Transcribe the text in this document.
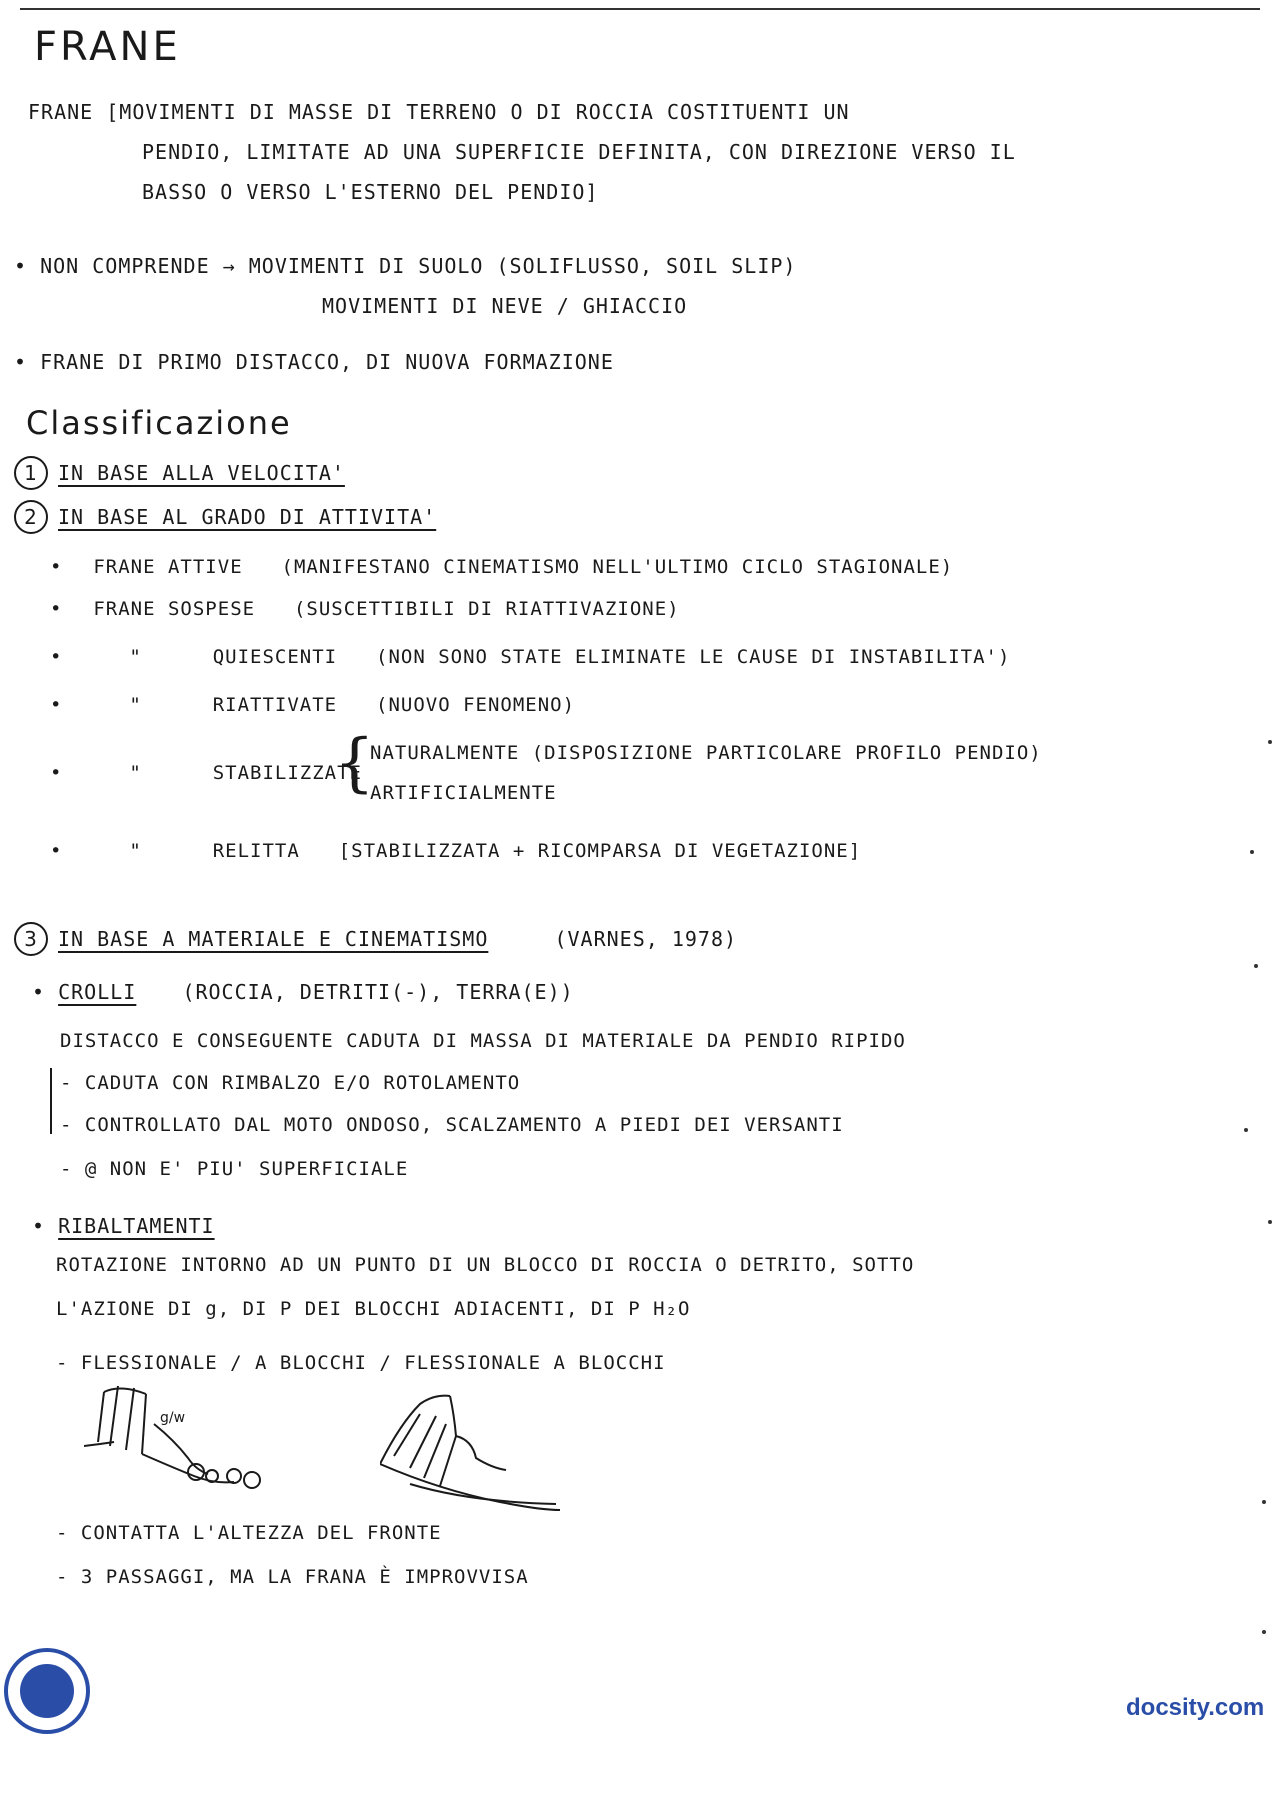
FRANE
FRANE [MOVIMENTI DI MASSE DI TERRENO O DI ROCCIA COSTITUENTI UN
PENDIO, LIMITATE AD UNA SUPERFICIE DEFINITA, CON DIREZIONE VERSO IL
BASSO O VERSO L'ESTERNO DEL PENDIO]
• NON COMPRENDE → MOVIMENTI DI SUOLO (SOLIFLUSSO, SOIL SLIP)
MOVIMENTI DI NEVE / GHIACCIO
• FRANE DI PRIMO DISTACCO, DI NUOVA FORMAZIONE
Classificazione
1 IN BASE ALLA VELOCITA'
2 IN BASE AL GRADO DI ATTIVITA'
• FRANE ATTIVE (MANIFESTANO CINEMATISMO NELL'ULTIMO CICLO STAGIONALE)
• FRANE SOSPESE (SUSCETTIBILI DI RIATTIVAZIONE)
•	"	QUIESCENTI (NON SONO STATE ELIMINATE LE CAUSE DI INSTABILITA')
•	"	RIATTIVATE (NUOVO FENOMENO)
•	"	STABILIZZATE
{
NATURALMENTE (DISPOSIZIONE PARTICOLARE PROFILO PENDIO)
ARTIFICIALMENTE
•	"	RELITTA [STABILIZZATA + RICOMPARSA DI VEGETAZIONE]
3 IN BASE A MATERIALE E CINEMATISMO	(VARNES, 1978)
• CROLLI (ROCCIA, DETRITI(-), TERRA(E))
DISTACCO E CONSEGUENTE CADUTA DI MASSA DI MATERIALE DA PENDIO RIPIDO
- CADUTA CON RIMBALZO E/O ROTOLAMENTO
- CONTROLLATO DAL MOTO ONDOSO, SCALZAMENTO A PIEDI DEI VERSANTI
- @ NON E' PIU' SUPERFICIALE
• RIBALTAMENTI
ROTAZIONE INTORNO AD UN PUNTO DI UN BLOCCO DI ROCCIA O DETRITO, SOTTO
L'AZIONE DI g, DI P DEI BLOCCHI ADIACENTI, DI P H₂O
- FLESSIONALE / A BLOCCHI / FLESSIONALE A BLOCCHI
g/w
- CONTATTA L'ALTEZZA DEL FRONTE
- 3 PASSAGGI, MA LA FRANA È IMPROVVISA
docsity.com
